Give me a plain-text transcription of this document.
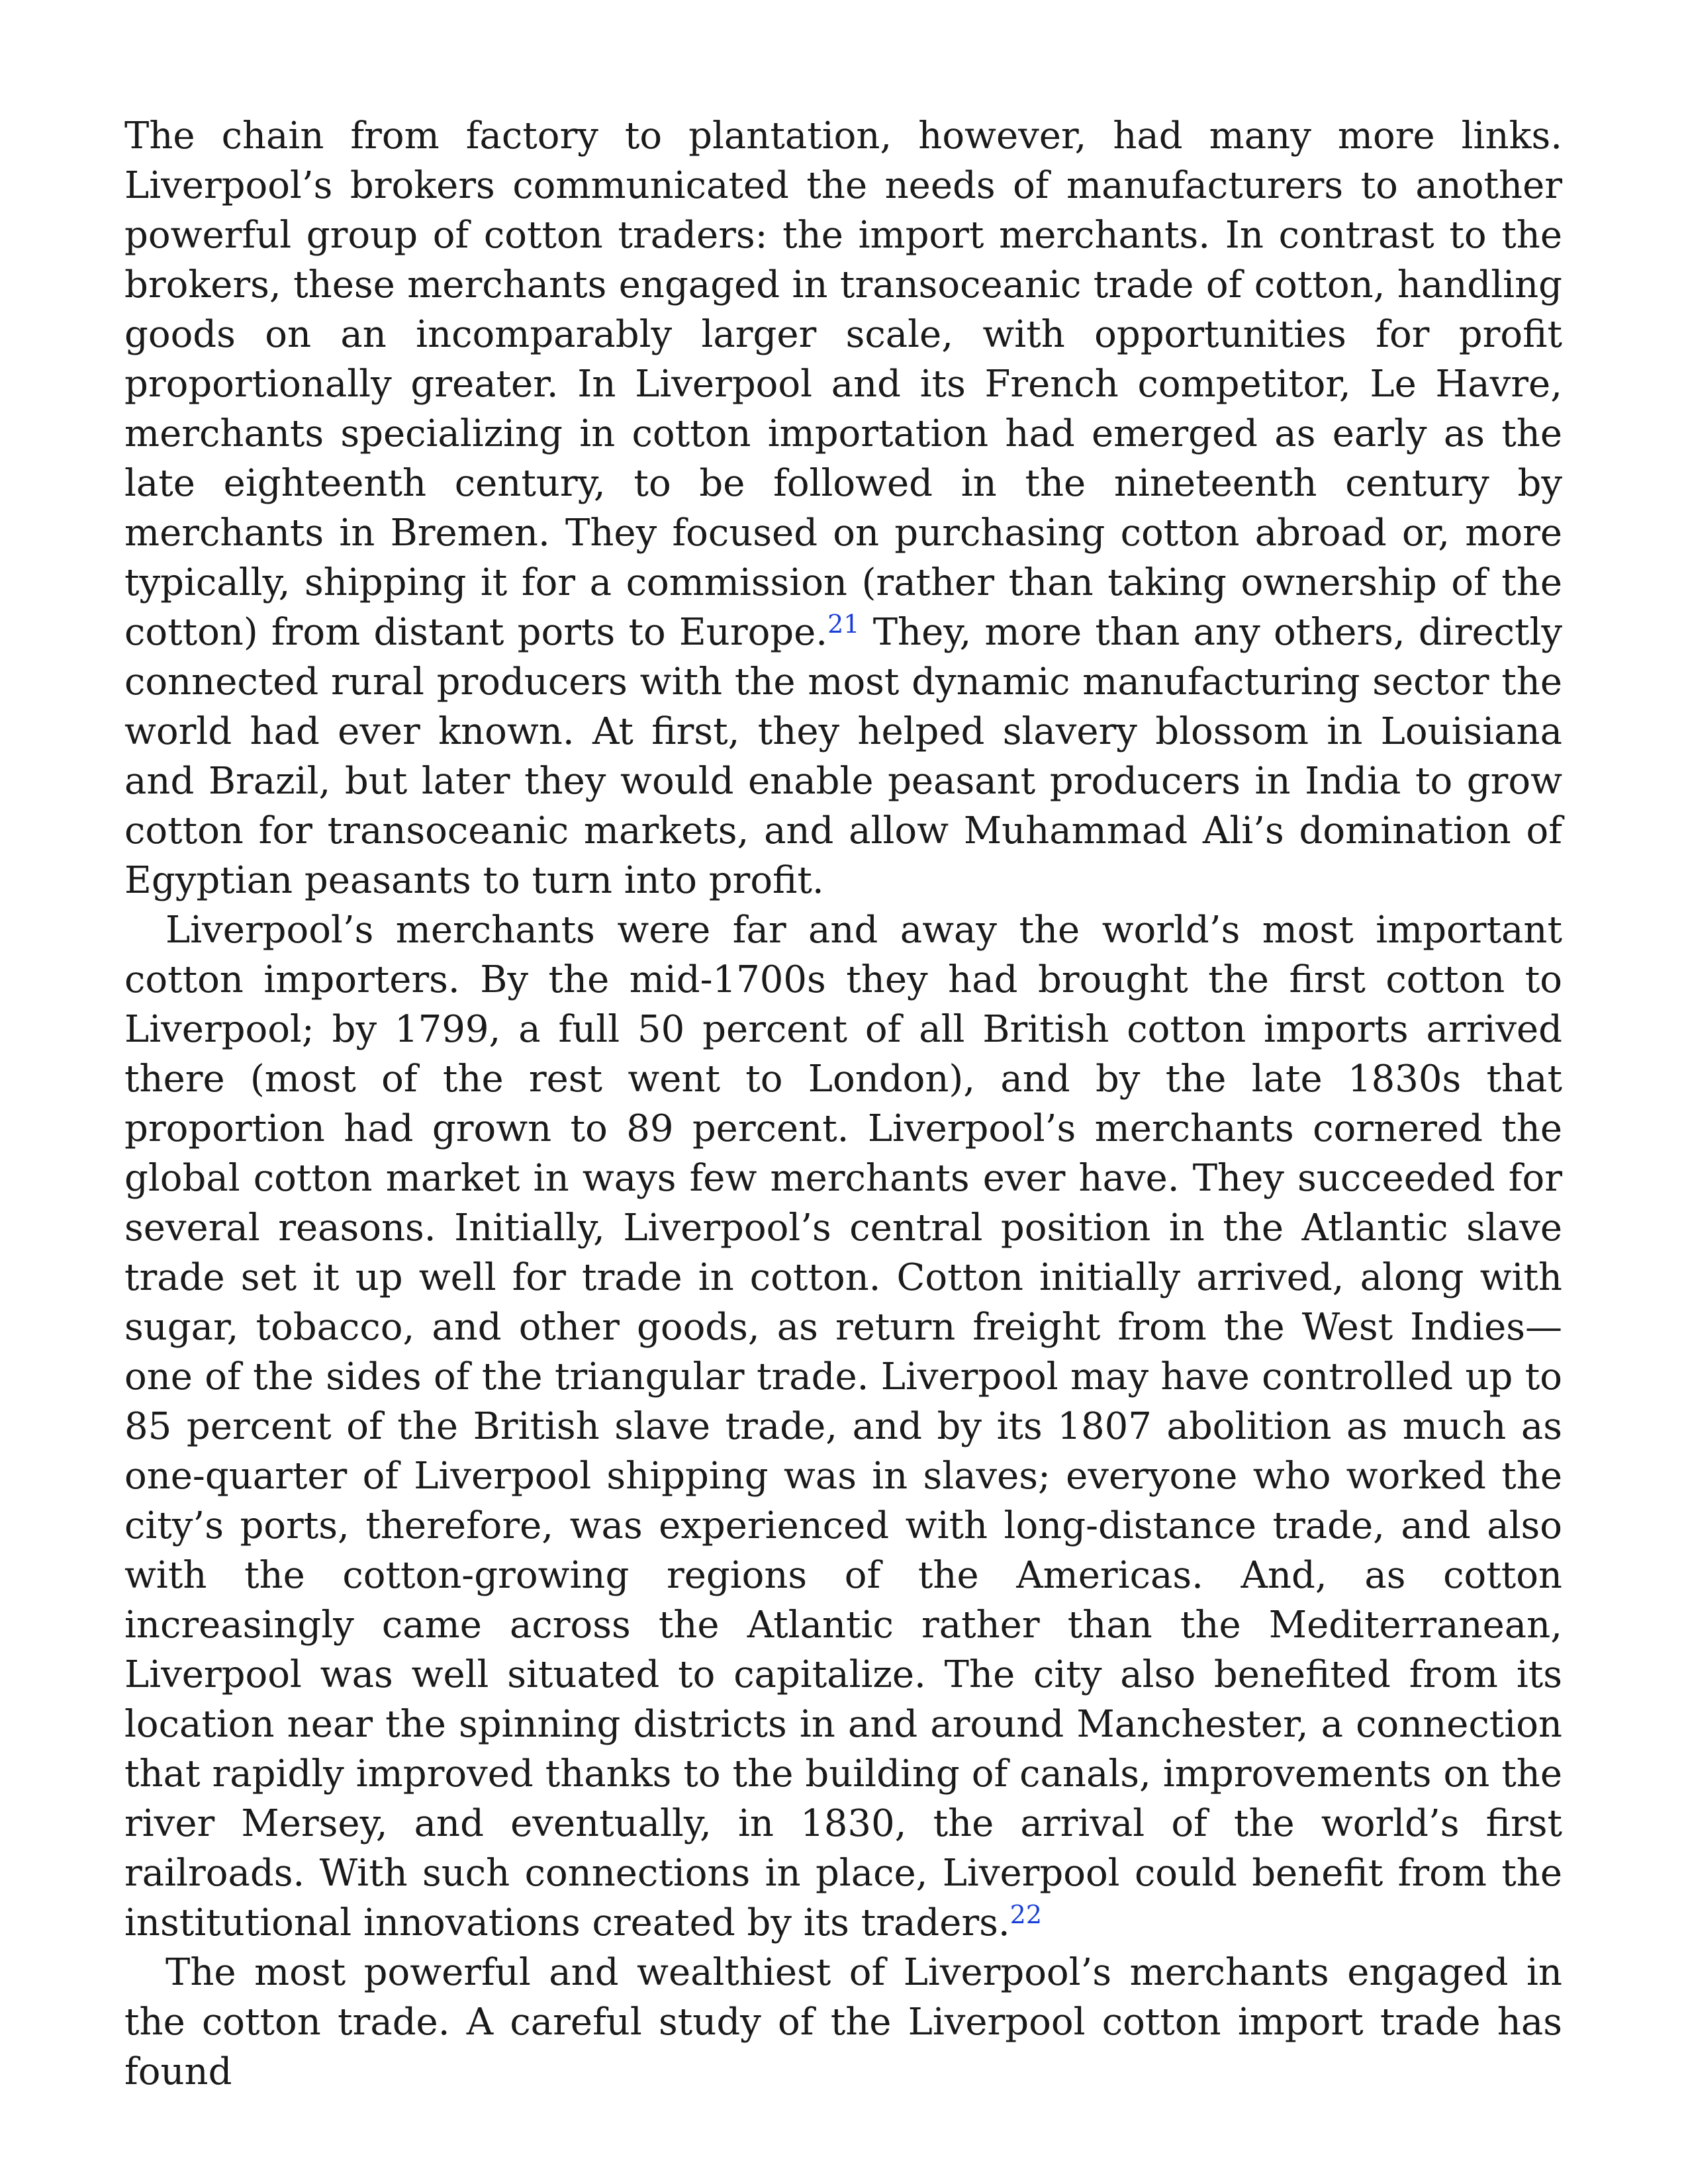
The chain from factory to plantation, however, had many more links. Liverpool’s brokers communicated the needs of manufacturers to another powerful group of cotton traders: the import merchants. In contrast to the brokers, these merchants engaged in transoceanic trade of cotton, handling goods on an incomparably larger scale, with opportunities for profit proportionally greater. In Liverpool and its French competitor, Le Havre, merchants specializing in cotton importation had emerged as early as the late eighteenth century, to be followed in the nineteenth century by merchants in Bremen. They focused on purchasing cotton abroad or, more typically, shipping it for a commission (rather than taking ownership of the cotton) from distant ports to Europe.$^{21}$ They, more than any others, directly connected rural producers with the most dynamic manufacturing sector the world had ever known. At first, they helped slavery blossom in Louisiana and Brazil, but later they would enable peasant producers in India to grow cotton for transoceanic markets, and allow Muhammad Ali’s domination of Egyptian peasants to turn into profit.

Liverpool’s merchants were far and away the world’s most important cotton importers. By the mid-1700s they had brought the first cotton to Liverpool; by 1799, a full 50 percent of all British cotton imports arrived there (most of the rest went to London), and by the late 1830s that proportion had grown to 89 percent. Liverpool’s merchants cornered the global cotton market in ways few merchants ever have. They succeeded for several reasons. Initially, Liverpool’s central position in the Atlantic slave trade set it up well for trade in cotton. Cotton initially arrived, along with sugar, tobacco, and other goods, as return freight from the West Indies—one of the sides of the triangular trade. Liverpool may have controlled up to 85 percent of the British slave trade, and by its 1807 abolition as much as one-quarter of Liverpool shipping was in slaves; everyone who worked the city’s ports, therefore, was experienced with long-distance trade, and also with the cotton-growing regions of the Americas. And, as cotton increasingly came across the Atlantic rather than the Mediterranean, Liverpool was well situated to capitalize. The city also benefited from its location near the spinning districts in and around Manchester, a connection that rapidly improved thanks to the building of canals, improvements on the river Mersey, and eventually, in 1830, the arrival of the world’s first railroads. With such connections in place, Liverpool could benefit from the institutional innovations created by its traders.$^{22}$

The most powerful and wealthiest of Liverpool’s merchants engaged in the cotton trade. A careful study of the Liverpool cotton import trade has found
